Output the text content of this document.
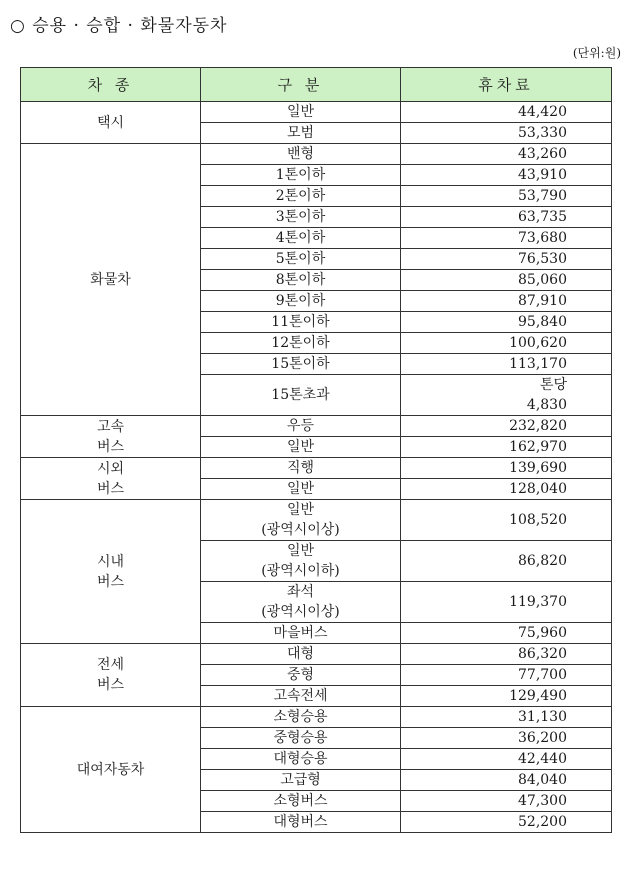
○ 승용 · 승합 · 화물자동차
(단위:원)
차 종	구 분	휴차료

택시	일반	44,420

	모범	53,330

화물차	밴형	43,260

	1톤이하	43,910

	2톤이하	53,790

	3톤이하	63,735

	4톤이하	73,680

	5톤이하	76,530

	8톤이하	85,060

	9톤이하	87,910

	11톤이하	95,840

	12톤이하	100,620

	15톤이하	113,170

	15톤초과	톤당
4,830

고속
버스	우등	232,820

	일반	162,970

시외
버스	직행	139,690

	일반	128,040

시내
버스	일반
(광역시이상)	108,520

	일반
(광역시이하)	86,820

	좌석
(광역시이상)	119,370

	마을버스	75,960

전세
버스	대형	86,320

	중형	77,700

	고속전세	129,490

대여자동차	소형승용	31,130

	중형승용	36,200

	대형승용	42,440

	고급형	84,040

	소형버스	47,300

	대형버스	52,200
